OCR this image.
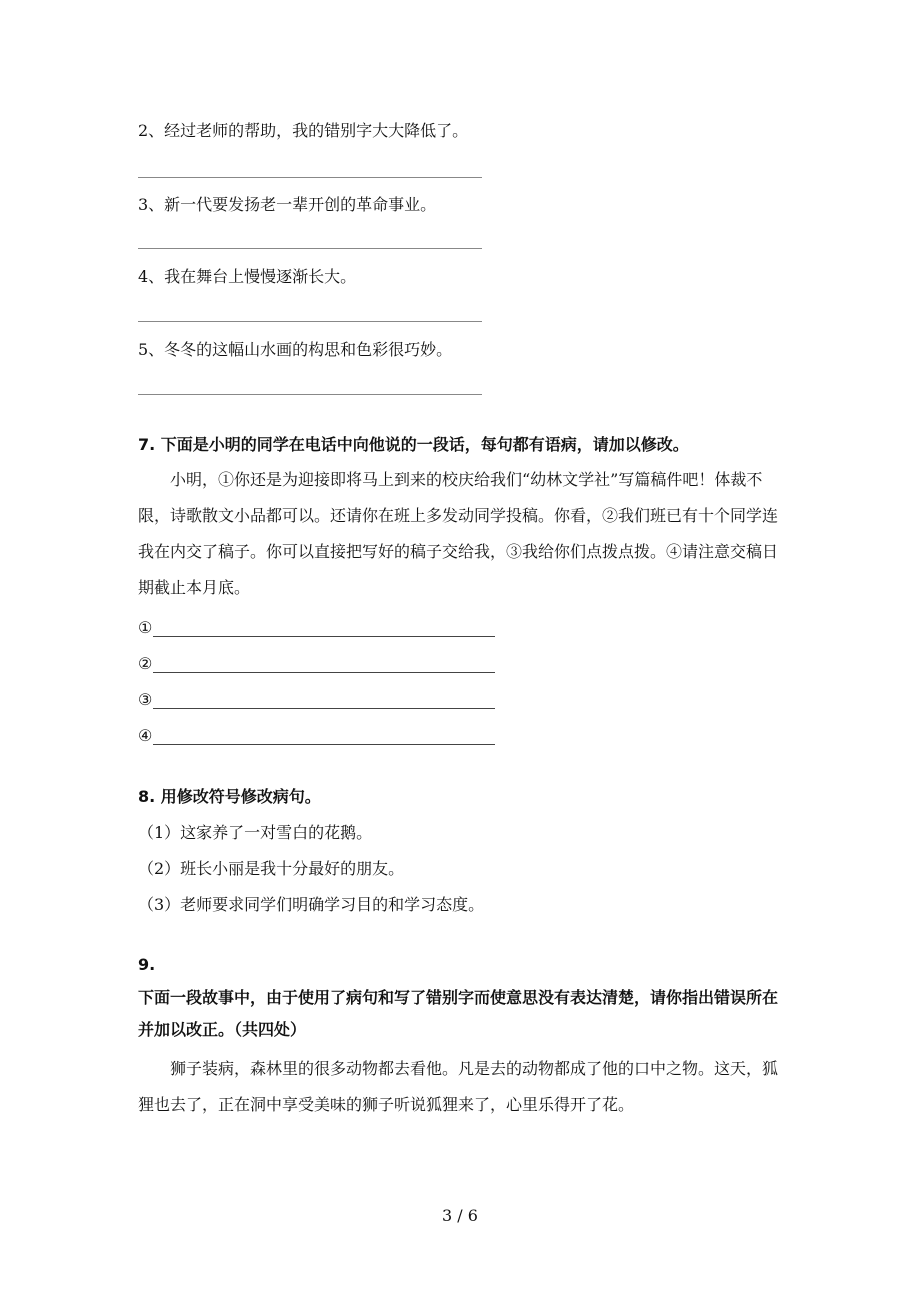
2、经过老师的帮助，我的错别字大大降低了。
3、新一代要发扬老一辈开创的革命事业。
4、我在舞台上慢慢逐渐长大。
5、冬冬的这幅山水画的构思和色彩很巧妙。
7. 下面是小明的同学在电话中向他说的一段话，每句都有语病，请加以修改。
小明，①你还是为迎接即将马上到来的校庆给我们“幼林文学社”写篇稿件吧！体裁不限，诗歌散文小品都可以。还请你在班上多发动同学投稿。你看，②我们班已有十个同学连我在内交了稿子。你可以直接把写好的稿子交给我，③我给你们点拨点拨。④请注意交稿日期截止本月底。
①
②
③
④
8. 用修改符号修改病句。
（1）这家养了一对雪白的花鹅。
（2）班长小丽是我十分最好的朋友。
（3）老师要求同学们明确学习目的和学习态度。
9.
下面一段故事中，由于使用了病句和写了错别字而使意思没有表达清楚，请你指出错误所在并加以改正。（共四处）
狮子装病，森林里的很多动物都去看他。凡是去的动物都成了他的口中之物。这天，狐狸也去了，正在洞中享受美味的狮子听说狐狸来了，心里乐得开了花。
3 / 6
